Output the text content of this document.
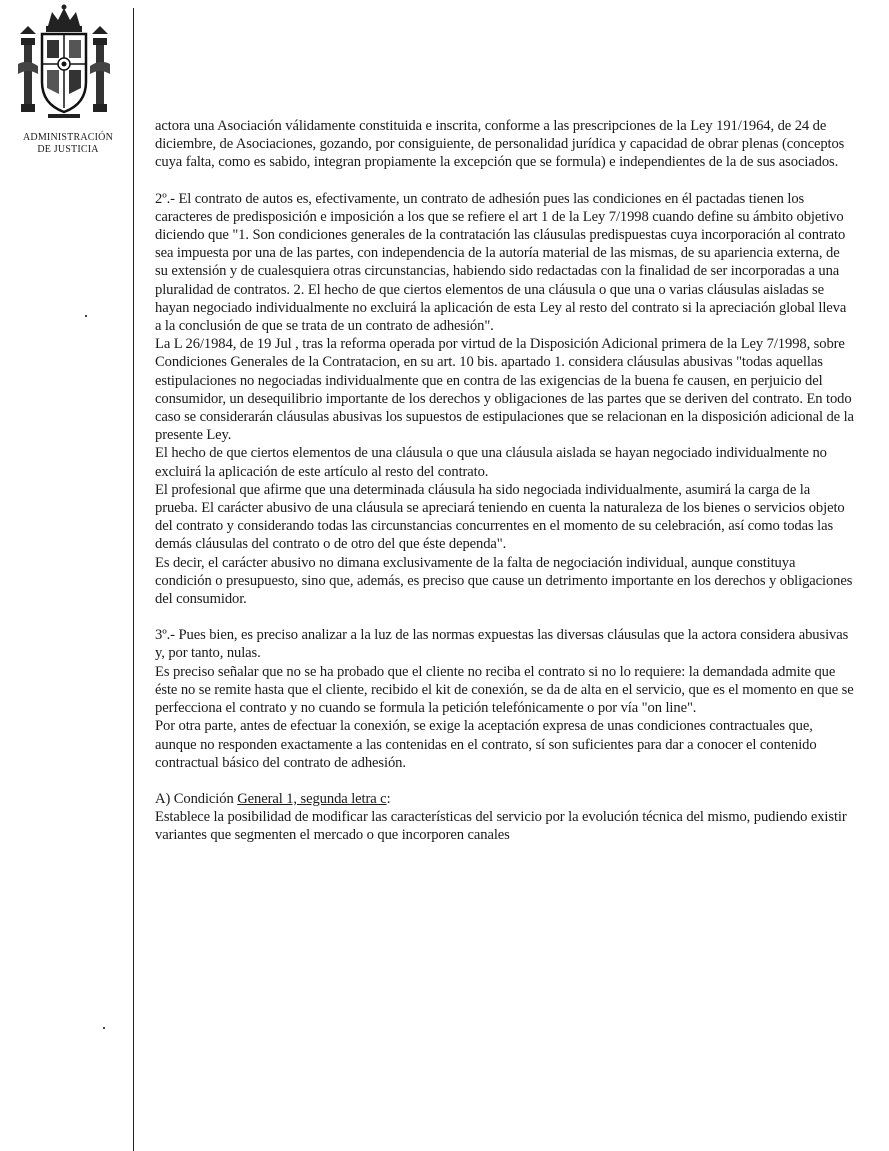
ADMINISTRACIÓN
DE JUSTICIA

actora una Asociación válidamente constituida e inscrita, conforme a las prescripciones de la Ley 191/1964, de 24 de diciembre, de Asociaciones, gozando, por consiguiente, de personalidad jurídica y capacidad de obrar plenas (conceptos cuya falta, como es sabido, integran propiamente la excepción que se formula) e independientes de la de sus asociados.

2º.- El contrato de autos es, efectivamente, un contrato de adhesión pues las condiciones en él pactadas tienen los caracteres de predisposición e imposición a los que se refiere el art 1 de la Ley 7/1998 cuando define su ámbito objetivo diciendo que "1. Son condiciones generales de la contratación las cláusulas predispuestas cuya incorporación al contrato sea impuesta por una de las partes, con independencia de la autoría material de las mismas, de su apariencia externa, de su extensión y de cualesquiera otras circunstancias, habiendo sido redactadas con la finalidad de ser incorporadas a una pluralidad de contratos. 2. El hecho de que ciertos elementos de una cláusula o que una o varias cláusulas aisladas se hayan negociado individualmente no excluirá la aplicación de esta Ley al resto del contrato si la apreciación global lleva a la conclusión de que se trata de un contrato de adhesión".

La L 26/1984, de 19 Jul , tras la reforma operada por virtud de la Disposición Adicional primera de la Ley 7/1998, sobre Condiciones Generales de la Contratacion, en su art. 10 bis. apartado 1. considera cláusulas abusivas "todas aquellas estipulaciones no negociadas individualmente que en contra de las exigencias de la buena fe causen, en perjuicio del consumidor, un desequilibrio importante de los derechos y obligaciones de las partes que se deriven del contrato. En todo caso se considerarán cláusulas abusivas los supuestos de estipulaciones que se relacionan en la disposición adicional de la presente Ley.

El hecho de que ciertos elementos de una cláusula o que una cláusula aislada se hayan negociado individualmente no excluirá la aplicación de este artículo al resto del contrato.

El profesional que afirme que una determinada cláusula ha sido negociada individualmente, asumirá la carga de la prueba. El carácter abusivo de una cláusula se apreciará teniendo en cuenta la naturaleza de los bienes o servicios objeto del contrato y considerando todas las circunstancias concurrentes en el momento de su celebración, así como todas las demás cláusulas del contrato o de otro del que éste dependa".

Es decir, el carácter abusivo no dimana exclusivamente de la falta de negociación individual, aunque constituya condición o presupuesto, sino que, además, es preciso que cause un detrimento importante en los derechos y obligaciones del consumidor.

3º.- Pues bien, es preciso analizar a la luz de las normas expuestas las diversas cláusulas que la actora considera abusivas y, por tanto, nulas.

Es preciso señalar que no se ha probado que el cliente no reciba el contrato si no lo requiere: la demandada admite que éste no se remite hasta que el cliente, recibido el kit de conexión, se da de alta en el servicio, que es el momento en que se perfecciona el contrato y no cuando se formula la petición telefónicamente o por vía "on line".

Por otra parte, antes de efectuar la conexión, se exige la aceptación expresa de unas condiciones contractuales que, aunque no responden exactamente a las contenidas en el contrato, sí son suficientes para dar a conocer el contenido contractual básico del contrato de adhesión.

A) Condición General 1, segunda letra c:

Establece la posibilidad de modificar las características del servicio por la evolución técnica del mismo, pudiendo existir variantes que segmenten el mercado o que incorporen canales
